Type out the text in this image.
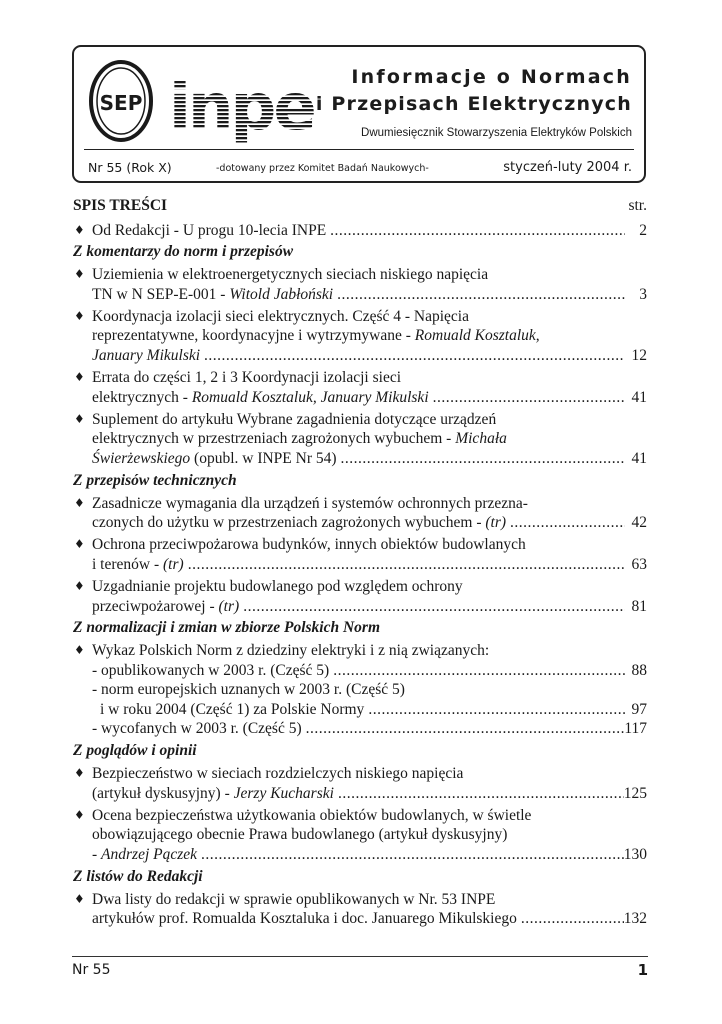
SEP inpe Informacje o Normach
i Przepisach Elektrycznych
Dwumiesięcznik Stowarzyszenia Elektryków Polskich
Nr 55 (Rok X)	-dotowany przez Komitet Badań Naukowych-	styczeń-luty 2004 r.
SPIS TREŚCI	str.
♦ Od Redakcji - U progu 10-lecia INPE .....	2
Z komentarzy do norm i przepisów
♦ Uziemienia w elektroenergetycznych sieciach niskiego napięcia
TN w N SEP-E-001 - Witold Jabłoński .....	3
♦ Koordynacja izolacji sieci elektrycznych. Część 4 - Napięcia
reprezentatywne, koordynacyjne i wytrzymywane - Romuald Kosztaluk,
January Mikulski .....	12
♦ Errata do części 1, 2 i 3 Koordynacji izolacji sieci
elektrycznych - Romuald Kosztaluk, January Mikulski .....	41
♦ Suplement do artykułu Wybrane zagadnienia dotyczące urządzeń
elektrycznych w przestrzeniach zagrożonych wybuchem - Michała
Świerżewskiego (opubl. w INPE Nr 54) .....	41
Z przepisów technicznych
♦ Zasadnicze wymagania dla urządzeń i systemów ochronnych przezna-
czonych do użytku w przestrzeniach zagrożonych wybuchem - (tr) .....	42
♦ Ochrona przeciwpożarowa budynków, innych obiektów budowlanych
i terenów - (tr) .....	63
♦ Uzgadnianie projektu budowlanego pod względem ochrony
przeciwpożarowej - (tr) .....	81
Z normalizacji i zmian w zbiorze Polskich Norm
♦ Wykaz Polskich Norm z dziedziny elektryki i z nią związanych:
- opublikowanych w 2003 r. (Część 5) .....	88
- norm europejskich uznanych w 2003 r. (Część 5)
i w roku 2004 (Część 1) za Polskie Normy .....	97
- wycofanych w 2003 r. (Część 5) .....	117
Z poglądów i opinii
♦ Bezpieczeństwo w sieciach rozdzielczych niskiego napięcia
(artykuł dyskusyjny) - Jerzy Kucharski .....	125
♦ Ocena bezpieczeństwa użytkowania obiektów budowlanych, w świetle
obowiązującego obecnie Prawa budowlanego (artykuł dyskusyjny)
- Andrzej Pączek .....	130
Z listów do Redakcji
♦ Dwa listy do redakcji w sprawie opublikowanych w Nr. 53 INPE
artykułów prof. Romualda Kosztaluka i doc. Januarego Mikulskiego .....	132
Nr 55	1
